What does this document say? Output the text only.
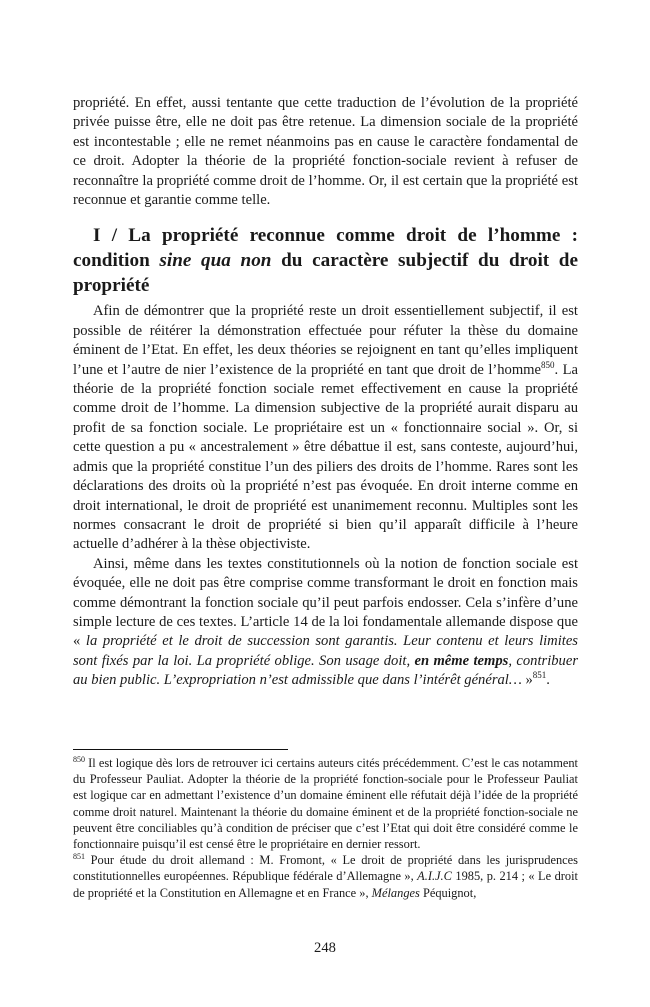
propriété. En effet, aussi tentante que cette traduction de l’évolution de la propriété privée puisse être, elle ne doit pas être retenue. La dimension sociale de la propriété est incontestable ; elle ne remet néanmoins pas en cause le caractère fondamental de ce droit. Adopter la théorie de la propriété fonction-sociale revient à refuser de reconnaître la propriété comme droit de l’homme. Or, il est certain que la propriété est reconnue et garantie comme telle.

I / La propriété reconnue comme droit de l’homme : condition sine qua non du caractère subjectif du droit de propriété

Afin de démontrer que la propriété reste un droit essentiellement subjectif, il est possible de réitérer la démonstration effectuée pour réfuter la thèse du domaine éminent de l’Etat. En effet, les deux théories se rejoignent en tant qu’elles impliquent l’une et l’autre de nier l’existence de la propriété en tant que droit de l’homme$^{850}$. La théorie de la propriété fonction sociale remet effectivement en cause la propriété comme droit de l’homme. La dimension subjective de la propriété aurait disparu au profit de sa fonction sociale. Le propriétaire est un « fonctionnaire social ». Or, si cette question a pu « ancestralement » être débattue il est, sans conteste, aujourd’hui, admis que la propriété constitue l’un des piliers des droits de l’homme. Rares sont les déclarations des droits où la propriété n’est pas évoquée. En droit interne comme en droit international, le droit de propriété est unanimement reconnu. Multiples sont les normes consacrant le droit de propriété si bien qu’il apparaît difficile à l’heure actuelle d’adhérer à la thèse objectiviste.

Ainsi, même dans les textes constitutionnels où la notion de fonction sociale est évoquée, elle ne doit pas être comprise comme transformant le droit en fonction mais comme démontrant la fonction sociale qu’il peut parfois endosser. Cela s’infère d’une simple lecture de ces textes. L’article 14 de la loi fondamentale allemande dispose que « la propriété et le droit de succession sont garantis. Leur contenu et leurs limites sont fixés par la loi. La propriété oblige. Son usage doit, en même temps, contribuer au bien public. L’expropriation n’est admissible que dans l’intérêt général… »$^{851}$.

$^{850}$ Il est logique dès lors de retrouver ici certains auteurs cités précédemment. C’est le cas notamment du Professeur Pauliat. Adopter la théorie de la propriété fonction-sociale pour le Professeur Pauliat est logique car en admettant l’existence d’un domaine éminent elle réfutait déjà l’idée de la propriété comme droit naturel. Maintenant la théorie du domaine éminent et de la propriété fonction-sociale ne peuvent être conciliables qu’à condition de préciser que c’est l’Etat qui doit être considéré comme le fonctionnaire puisqu’il est censé être le propriétaire en dernier ressort.

$^{851}$ Pour étude du droit allemand : M. Fromont, « Le droit de propriété dans les jurisprudences constitutionnelles européennes. République fédérale d’Allemagne », A.I.J.C 1985, p. 214 ; « Le droit de propriété et la Constitution en Allemagne et en France », Mélanges Péquignot,

248
